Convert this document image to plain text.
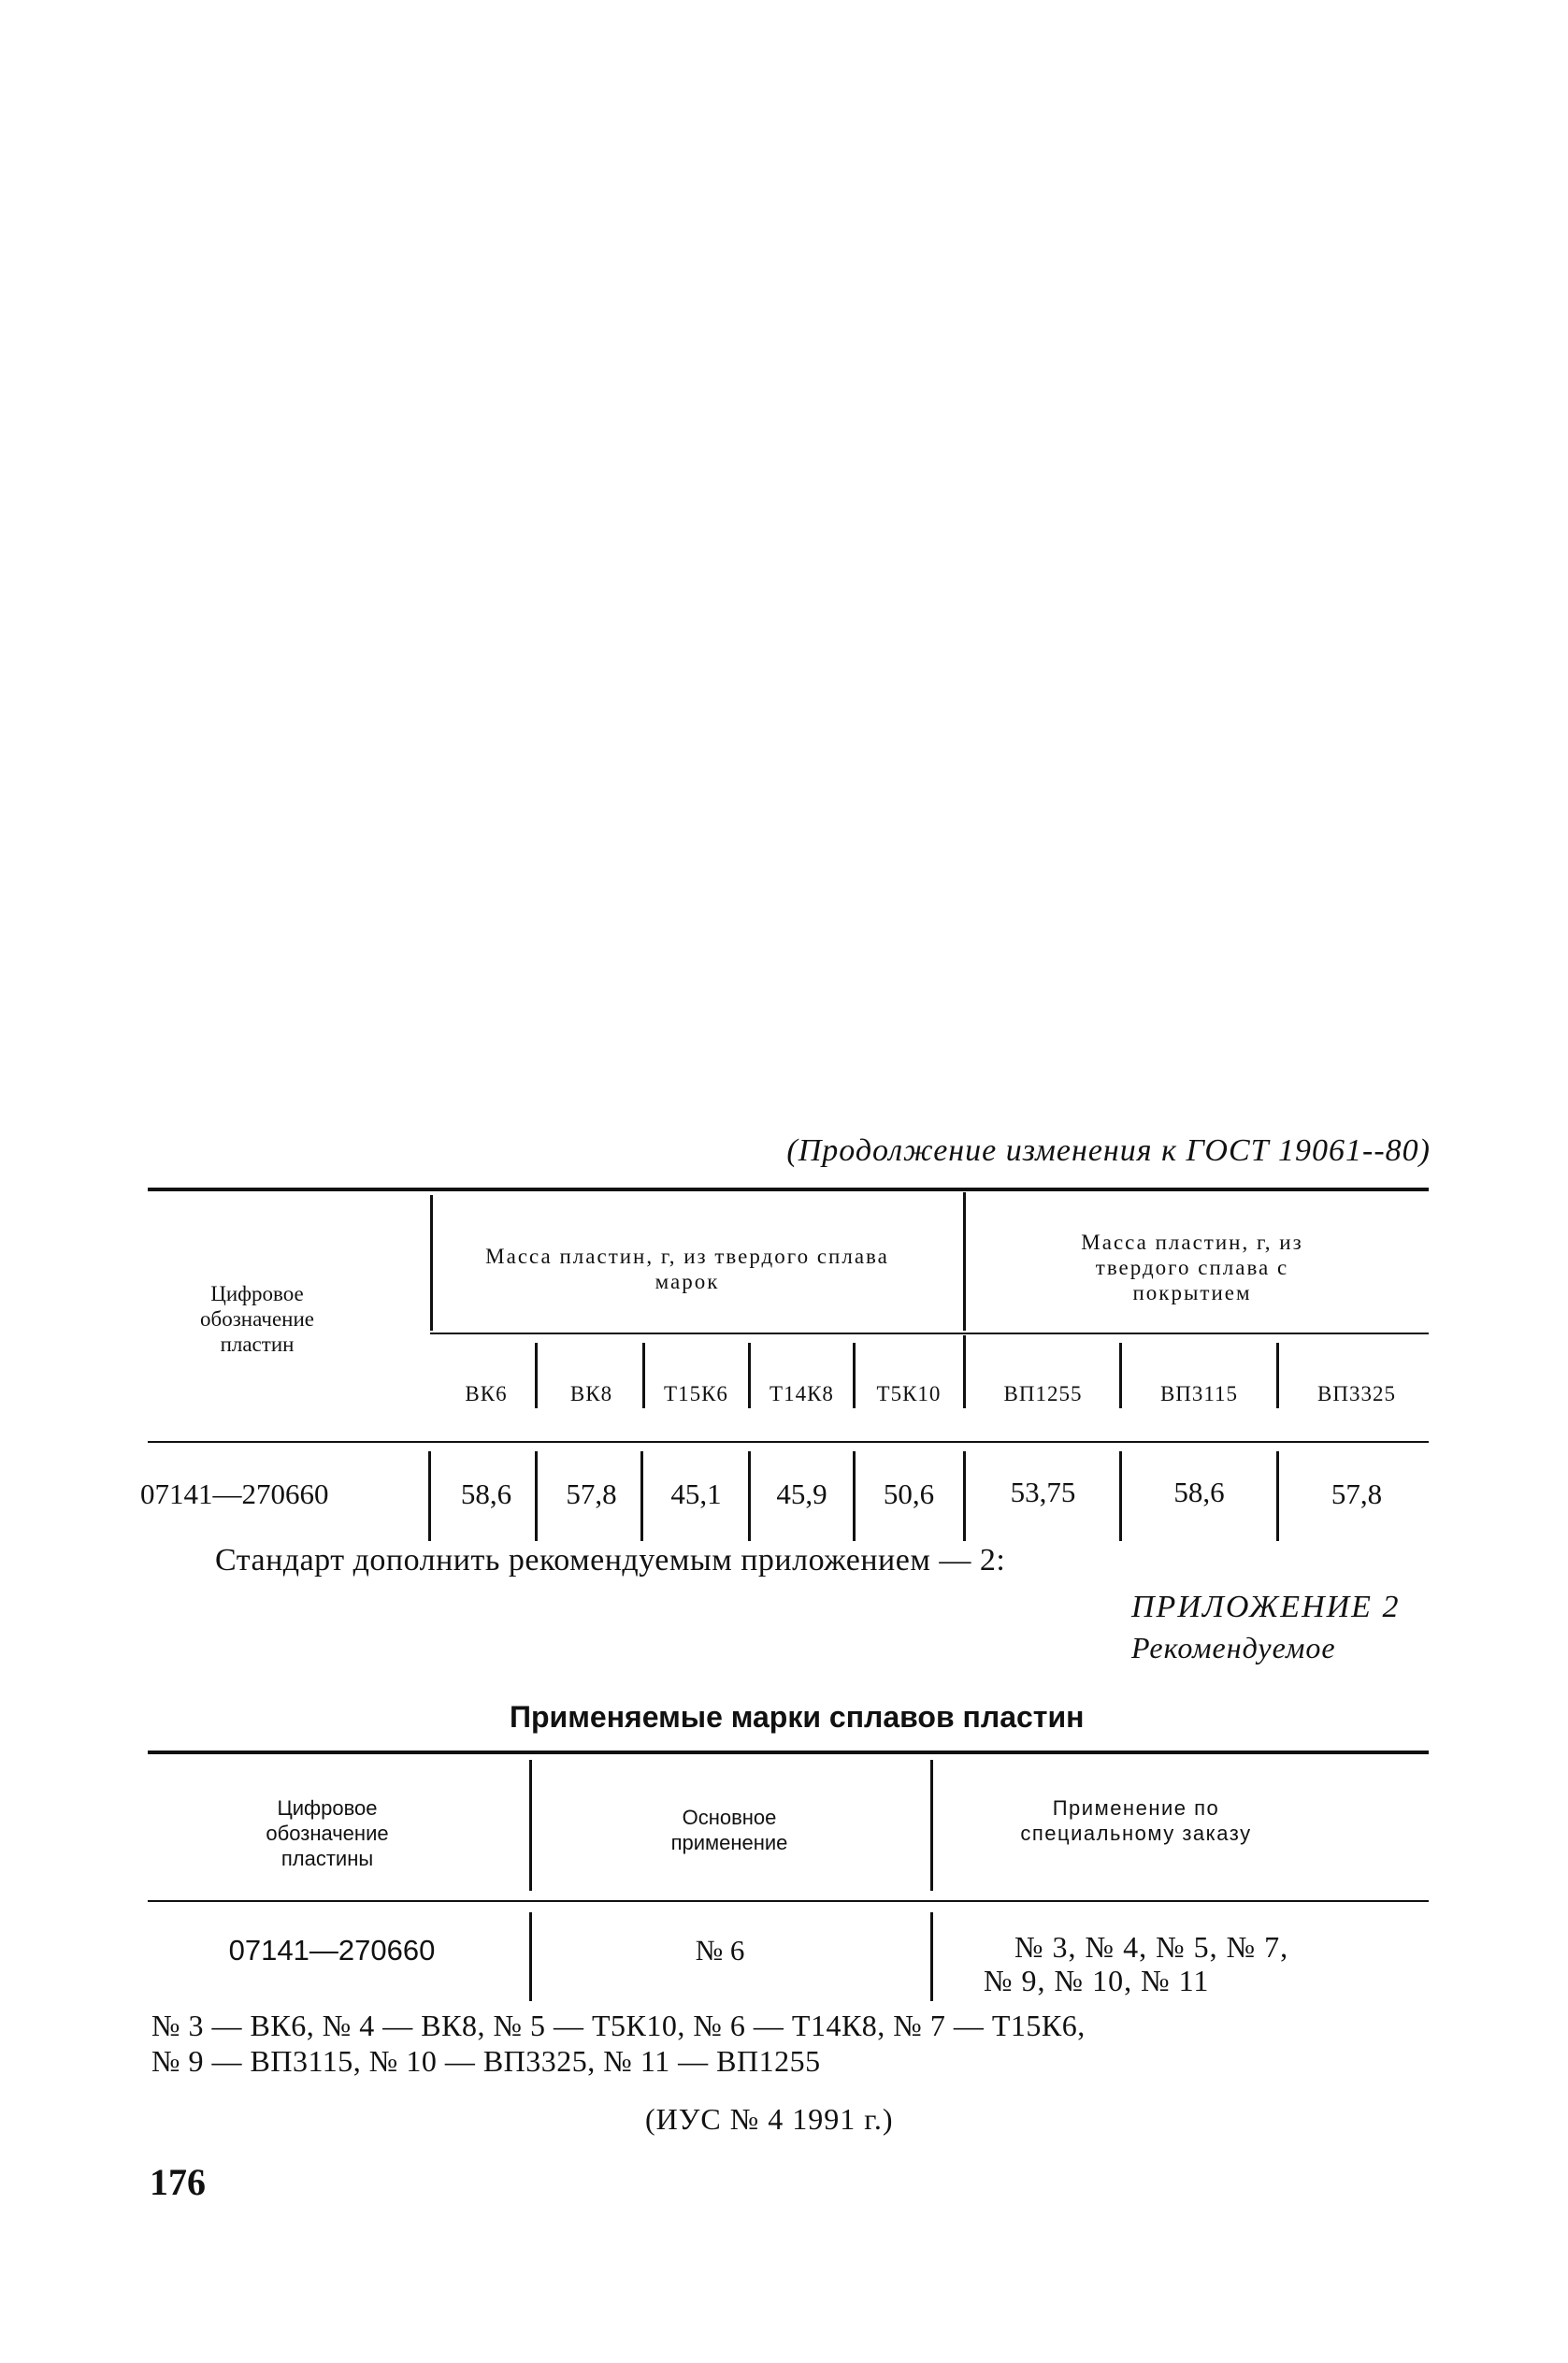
(Продолжение изменения к ГОСТ 19061--80)
Цифровое обозначение пластин
Масса пластин, г, из твердого сплава марок
Масса пластин, г, из твердого сплава с покрытием
ВК6	ВК8	Т15К6	Т14К8	Т5К10	ВП1255	ВП3115	ВП3325
07141—270660	58,6	57,8	45,1	45,9	50,6	53,75	58,6	57,8
Стандарт дополнить рекомендуемым приложением — 2:
ПРИЛОЖЕНИЕ 2
Рекомендуемое
Применяемые марки сплавов пластин
Цифровое обозначение пластины
Основное применение
Применение по специальному заказу
07141—270660	№ 6	№ 3, № 4, № 5, № 7,
№ 9, № 10, № 11
№ 3 — ВК6, № 4 — ВК8, № 5 — Т5К10, № 6 — Т14К8, № 7 — Т15К6,
№ 9 — ВП3115, № 10 — ВП3325, № 11 — ВП1255
(ИУС № 4 1991 г.)
176
